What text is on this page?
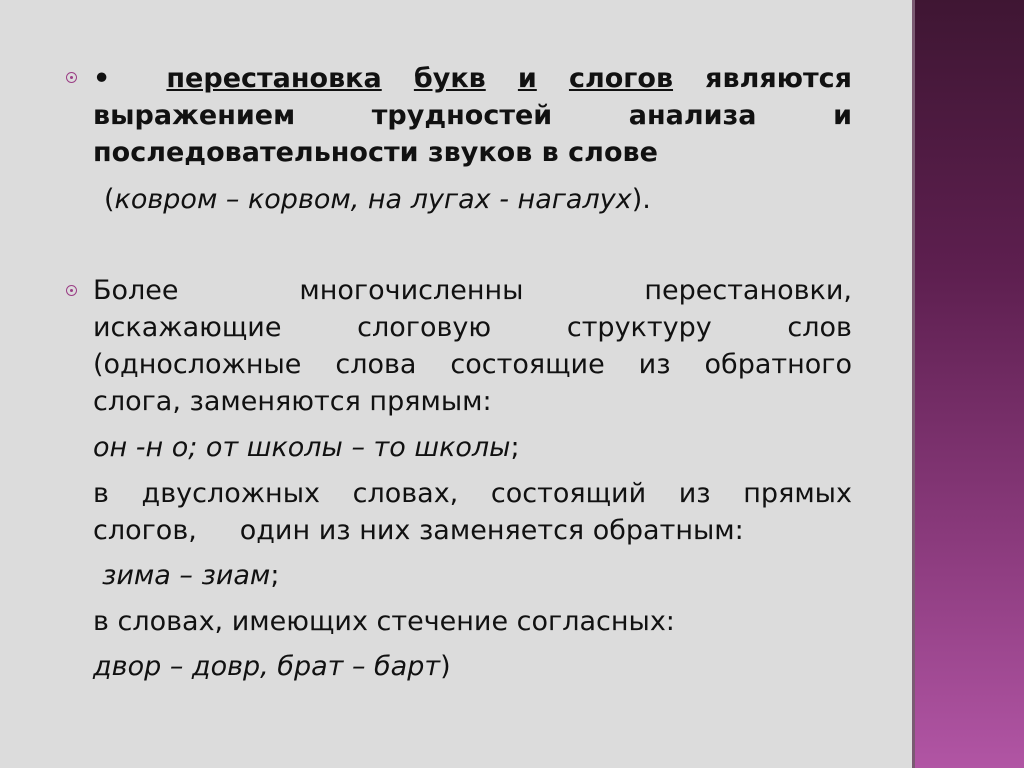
• перестановка букв и слогов являются
выражением	трудностей	анализа	и
последовательности звуков в слове
(ковром – корвом, на лугах - нагалух).
Более	многочисленны	перестановки,
искажающие	слоговую	структуру	слов
(односложные слова состоящие из обратного
слога, заменяются прямым:
он -н о; от школы – то школы;
в двусложных словах, состоящий из прямых
слогов,     один из них заменяется обратным:
зима – зиам;
в словах, имеющих стечение согласных:
двор – довр, брат – барт)
